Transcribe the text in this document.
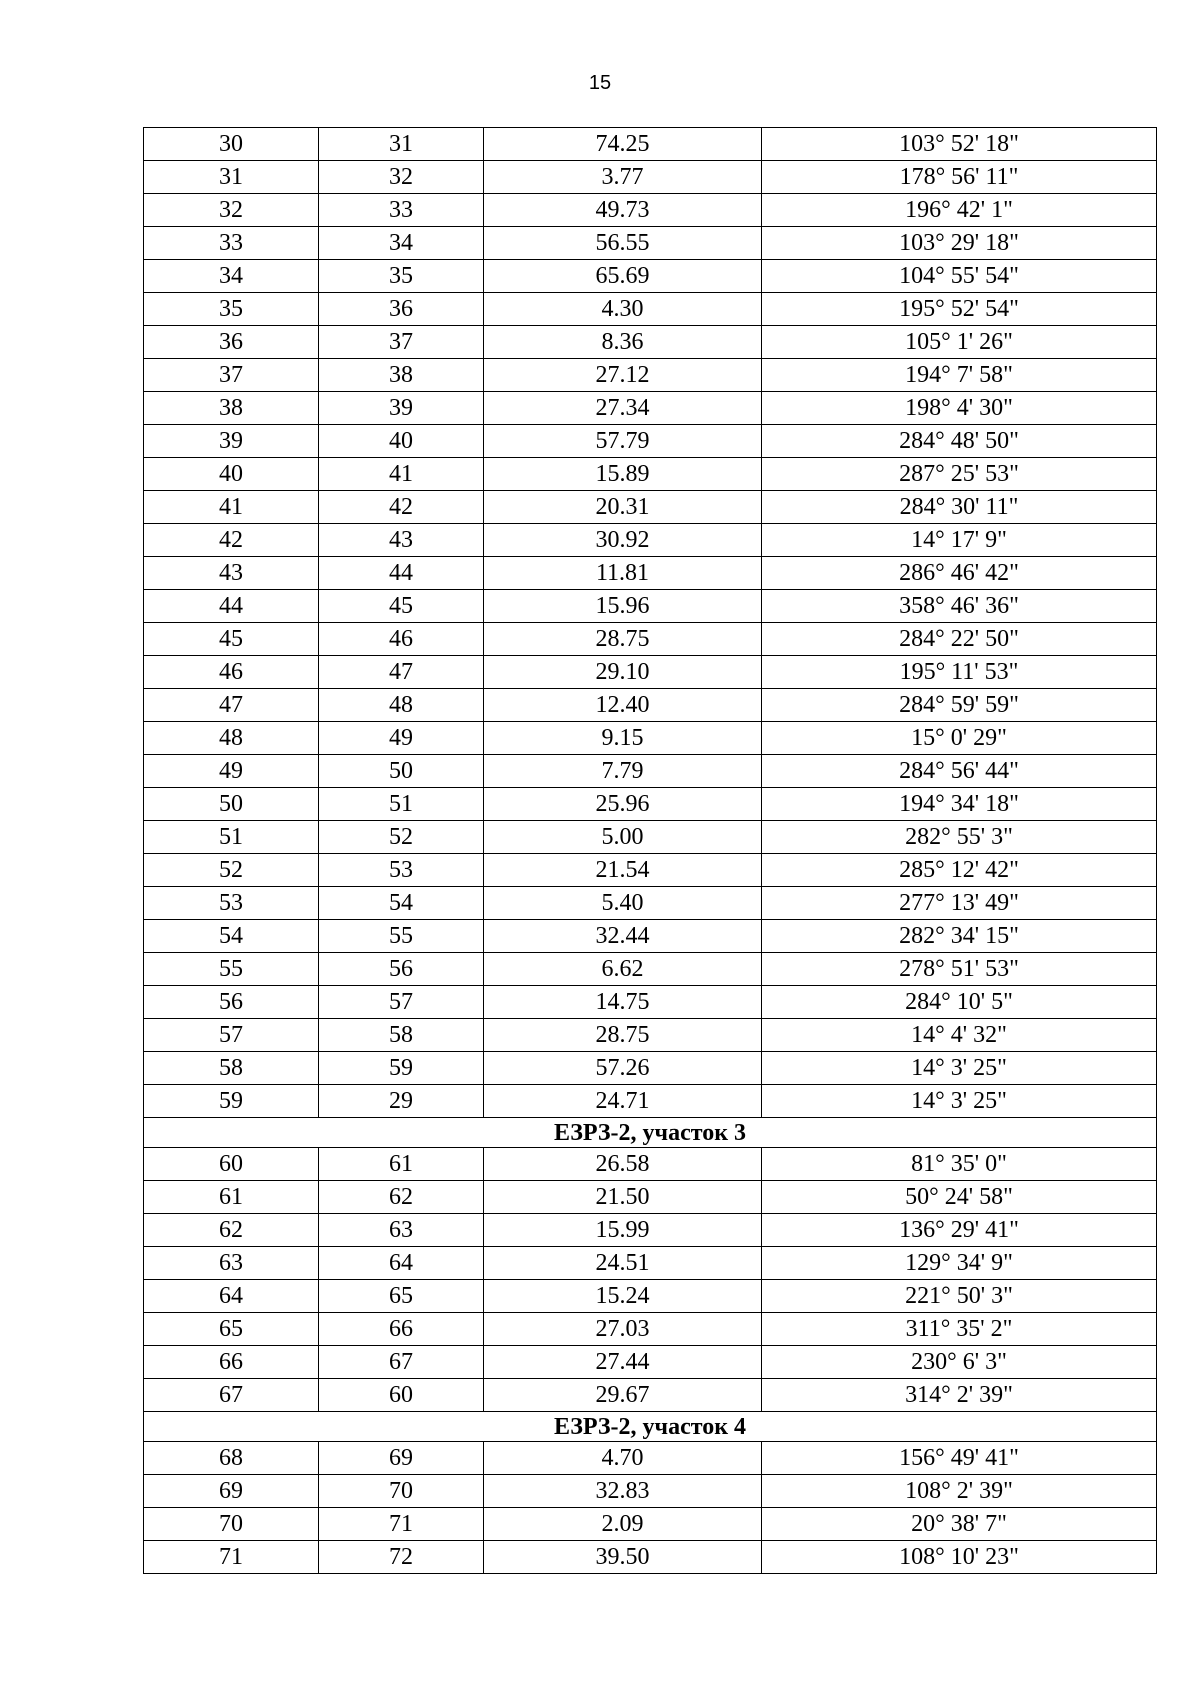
15
30	31	74.25	103° 52' 18"
31	32	3.77	178° 56' 11"
32	33	49.73	196° 42' 1"
33	34	56.55	103° 29' 18"
34	35	65.69	104° 55' 54"
35	36	4.30	195° 52' 54"
36	37	8.36	105° 1' 26"
37	38	27.12	194° 7' 58"
38	39	27.34	198° 4' 30"
39	40	57.79	284° 48' 50"
40	41	15.89	287° 25' 53"
41	42	20.31	284° 30' 11"
42	43	30.92	14° 17' 9"
43	44	11.81	286° 46' 42"
44	45	15.96	358° 46' 36"
45	46	28.75	284° 22' 50"
46	47	29.10	195° 11' 53"
47	48	12.40	284° 59' 59"
48	49	9.15	15° 0' 29"
49	50	7.79	284° 56' 44"
50	51	25.96	194° 34' 18"
51	52	5.00	282° 55' 3"
52	53	21.54	285° 12' 42"
53	54	5.40	277° 13' 49"
54	55	32.44	282° 34' 15"
55	56	6.62	278° 51' 53"
56	57	14.75	284° 10' 5"
57	58	28.75	14° 4' 32"
58	59	57.26	14° 3' 25"
59	29	24.71	14° 3' 25"
ЕЗРЗ-2, участок 3			
60	61	26.58	81° 35' 0"
61	62	21.50	50° 24' 58"
62	63	15.99	136° 29' 41"
63	64	24.51	129° 34' 9"
64	65	15.24	221° 50' 3"
65	66	27.03	311° 35' 2"
66	67	27.44	230° 6' 3"
67	60	29.67	314° 2' 39"
ЕЗРЗ-2, участок 4			
68	69	4.70	156° 49' 41"
69	70	32.83	108° 2' 39"
70	71	2.09	20° 38' 7"
71	72	39.50	108° 10' 23"
